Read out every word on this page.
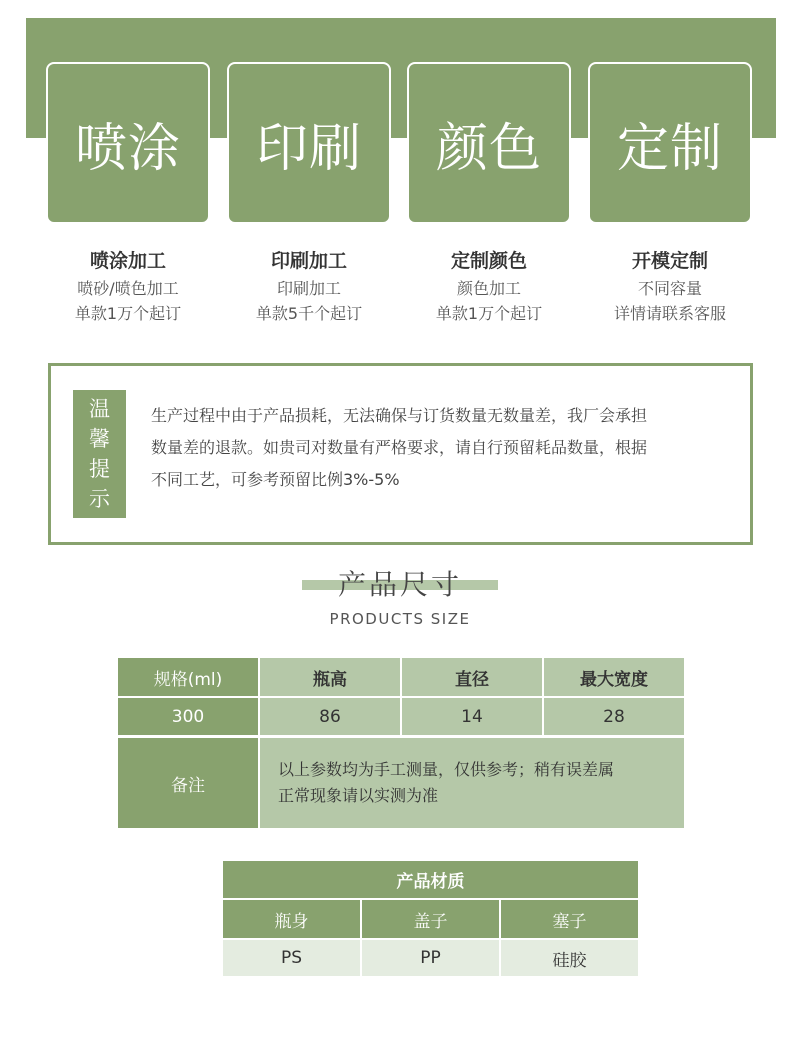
喷涂 印刷 颜色 定制
喷涂加工
喷砂/喷色加工
单款1万个起订
印刷加工
印刷加工
单款5千个起订
定制颜色
颜色加工
单款1万个起订
开模定制
不同容量
详情请联系客服
温
馨
提
示
生产过程中由于产品损耗，无法确保与订货数量无数量差，我厂会承担
数量差的退款。如贵司对数量有严格要求，请自行预留耗品数量，根据
不同工艺，可参考预留比例3%-5%
产品尺寸
PRODUCTS SIZE
规格(ml)	瓶高	直径	最大宽度
300	86	14	28
备注
以上参数均为手工测量，仅供参考；稍有误差属
正常现象请以实测为准
产品材质
瓶身	盖子	塞子
PS	PP	硅胶
